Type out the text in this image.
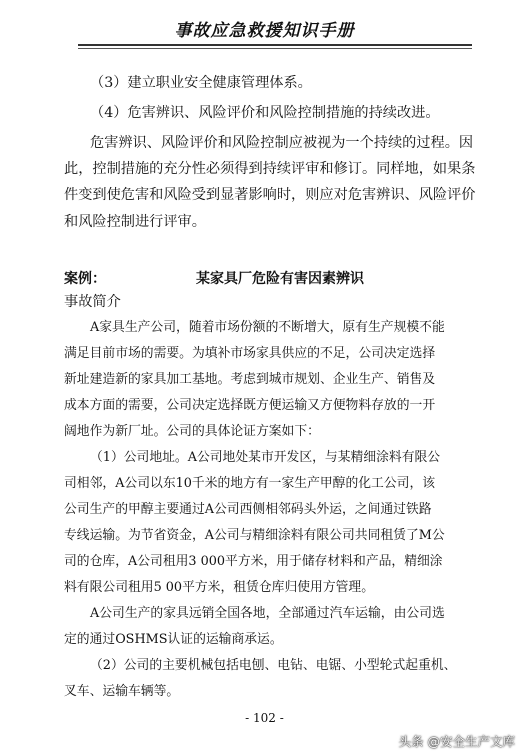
事故应急救援知识手册
（3）建立职业安全健康管理体系。
（4）危害辨识、风险评价和风险控制措施的持续改进。
危害辨识、风险评价和风险控制应被视为一个持续的过程。因
此，控制措施的充分性必须得到持续评审和修订。同样地，如果条
件变到使危害和风险受到显著影响时，则应对危害辨识、风险评价
和风险控制进行评审。
案例：	某家具厂危险有害因素辨识
事故简介
A家具生产公司，随着市场份额的不断增大，原有生产规模不能
满足目前市场的需要。为填补市场家具供应的不足，公司决定选择
新址建造新的家具加工基地。考虑到城市规划、企业生产、销售及
成本方面的需要，公司决定选择既方便运输又方便物料存放的一开
阔地作为新厂址。公司的具体论证方案如下：
（1）公司地址。A公司地处某市开发区，与某精细涂料有限公
司相邻，A公司以东10千米的地方有一家生产甲醇的化工公司，该
公司生产的甲醇主要通过A公司西侧相邻码头外运，之间通过铁路
专线运输。为节省资金，A公司与精细涂料有限公司共同租赁了M公
司的仓库，A公司租用3 000平方米，用于储存材料和产品，精细涂
料有限公司租用5 00平方米，租赁仓库归使用方管理。
A公司生产的家具远销全国各地，全部通过汽车运输，由公司选
定的通过OSHMS认证的运输商承运。
（2）公司的主要机械包括电刨、电钻、电锯、小型轮式起重机、
叉车、运输车辆等。
- 102 -
头条 @安全生产文库
